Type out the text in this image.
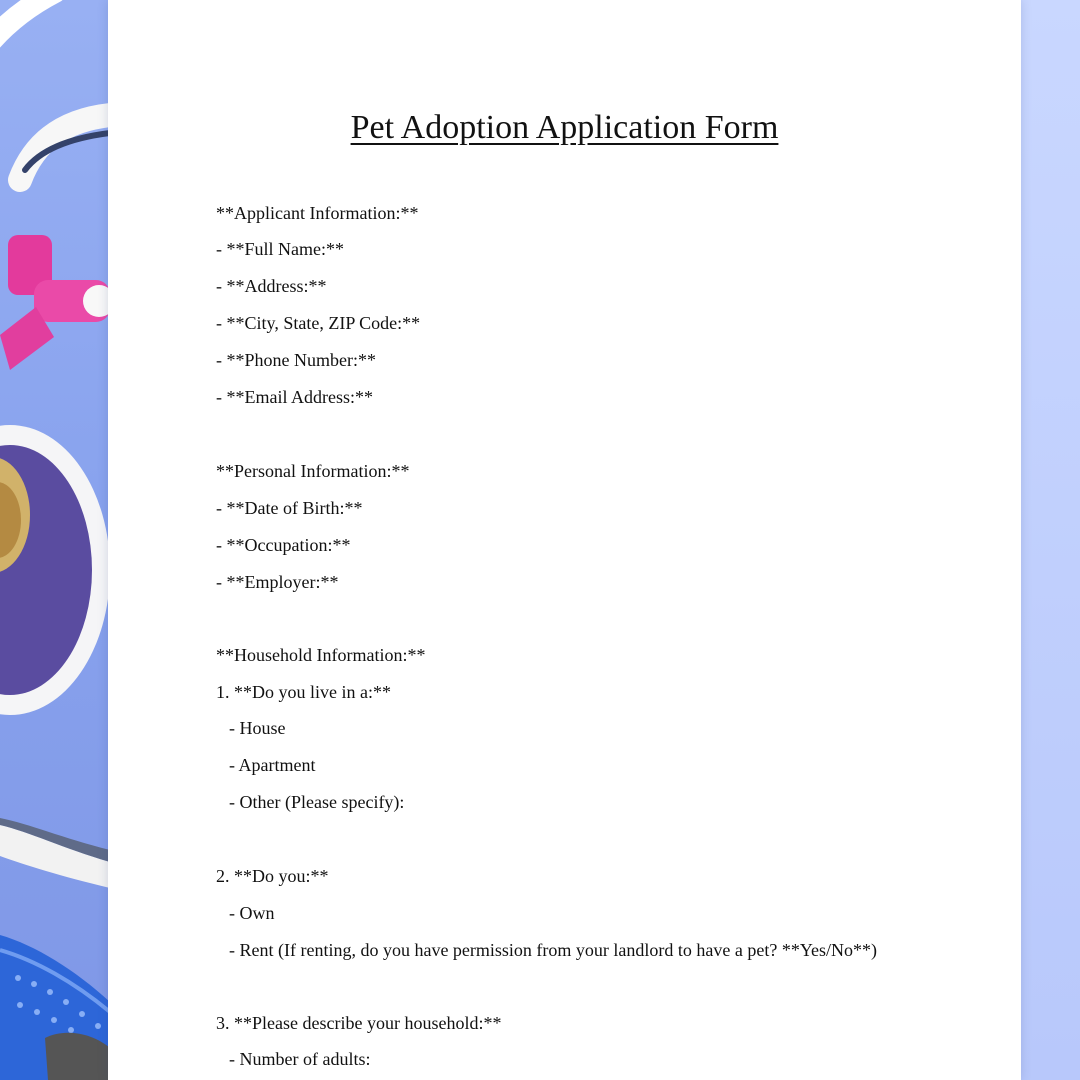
Pet Adoption Application Form
**Applicant Information:**
- **Full Name:**
- **Address:**
- **City, State, ZIP Code:**
- **Phone Number:**
- **Email Address:**
**Personal Information:**
- **Date of Birth:**
- **Occupation:**
- **Employer:**
**Household Information:**
1. **Do you live in a:**
- House
- Apartment
- Other (Please specify):
2. **Do you:**
- Own
- Rent (If renting, do you have permission from your landlord to have a pet? **Yes/No**)
3. **Please describe your household:**
- Number of adults:
